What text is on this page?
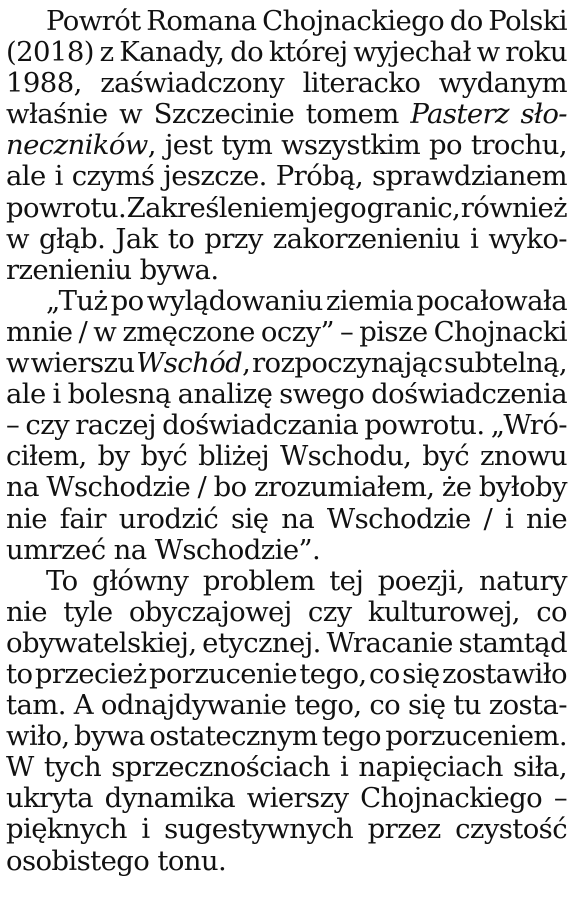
Powrót Romana Chojnackiego do Polski
(2018) z Kanady, do której wyjechał w roku
1988, zaświadczony literacko wydanym
właśnie w Szczecinie tomem Pasterz sło-
neczników, jest tym wszystkim po trochu,
ale i czymś jeszcze. Próbą, sprawdzianem
powrotu. Zakreśleniem jego granic, również
w głąb. Jak to przy zakorzenieniu i wyko-
rzenieniu bywa.
„Tuż po wylądowaniu ziemia pocałowała
mnie / w zmęczone oczy” – pisze Chojnacki
w wierszu Wschód, rozpoczynając subtelną,
ale i bolesną analizę swego doświadczenia
– czy raczej doświadczania powrotu. „Wró-
ciłem, by być bliżej Wschodu, być znowu
na Wschodzie / bo zrozumiałem, że byłoby
nie fair urodzić się na Wschodzie / i nie
umrzeć na Wschodzie”.
To główny problem tej poezji, natury
nie tyle obyczajowej czy kulturowej, co
obywatelskiej, etycznej. Wracanie stamtąd
to przecież porzucenie tego, co się zostawiło
tam. A odnajdywanie tego, co się tu zosta-
wiło, bywa ostatecznym tego porzuceniem.
W tych sprzecznościach i napięciach siła,
ukryta dynamika wierszy Chojnackiego –
pięknych i sugestywnych przez czystość
osobistego tonu.
